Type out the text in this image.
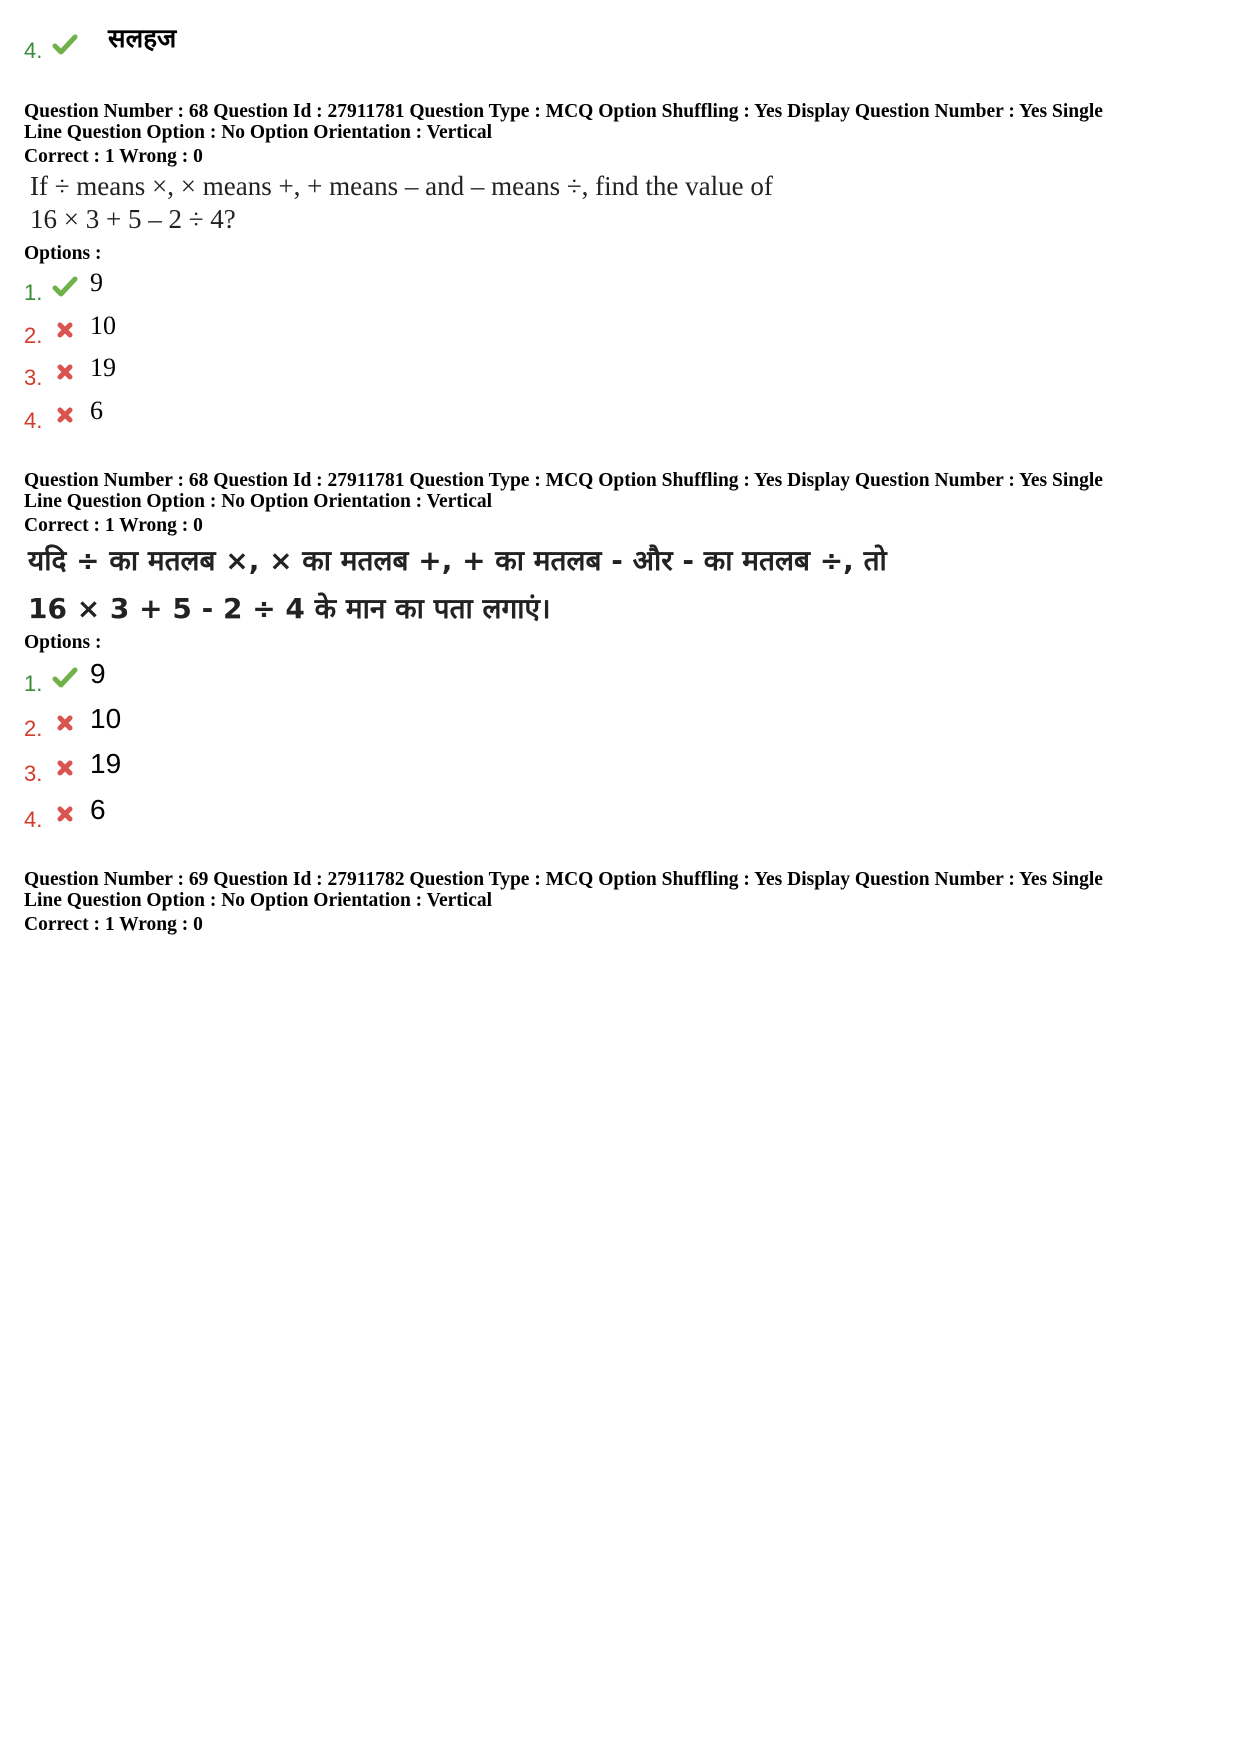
4.	सलहज
Question Number : 68 Question Id : 27911781 Question Type : MCQ Option Shuffling : Yes Display Question Number : Yes Single
Line Question Option : No Option Orientation : Vertical
Correct : 1 Wrong : 0
If ÷ means ×, × means +, + means – and – means ÷, find the value of
16 × 3 + 5 – 2 ÷ 4?
Options :
1. 9
2. 10
3. 19
4. 6
Question Number : 68 Question Id : 27911781 Question Type : MCQ Option Shuffling : Yes Display Question Number : Yes Single
Line Question Option : No Option Orientation : Vertical
Correct : 1 Wrong : 0
यदि ÷ का मतलब ×, × का मतलब +, + का मतलब - और - का मतलब ÷, तो
16 × 3 + 5 - 2 ÷ 4 के मान का पता लगाएं।
Options :
1. 9
2. 10
3. 19
4. 6
Question Number : 69 Question Id : 27911782 Question Type : MCQ Option Shuffling : Yes Display Question Number : Yes Single
Line Question Option : No Option Orientation : Vertical
Correct : 1 Wrong : 0
